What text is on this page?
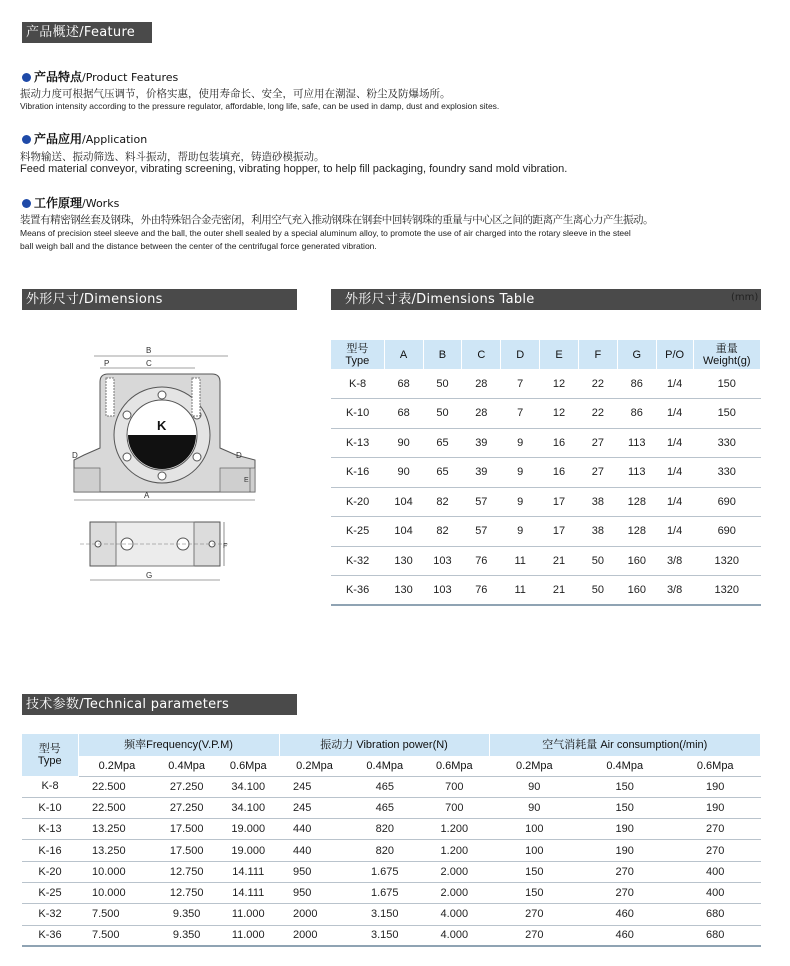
产品概述/Feature
产品特点/Product Features
振动力度可根据气压调节，价格实惠，使用寿命长、安全，可应用在潮湿、粉尘及防爆场所。
Vibration intensity according to the pressure regulator, affordable, long life, safe, can be used in damp, dust and explosion sites.
产品应用/Application
料物输送、振动筛选、料斗振动，帮助包装填充，铸造砂模振动。
Feed material conveyor, vibrating screening, vibrating hopper, to help fill packaging, foundry sand mold vibration.
工作原理/Works
装置有精密钢丝套及钢珠，外由特殊铝合金壳密闭，利用空气充入推动钢珠在钢套中回转钢珠的重量与中心区之间的距离产生离心力产生振动。
Means of precision steel sleeve and the ball, the outer shell sealed by a special aluminum alloy, to promote the use of air charged into the rotary sleeve in the steel
ball weigh ball and the distance between the center of the centrifugal force generated vibration.
外形尺寸/Dimensions	外形尺寸表/Dimensions Table	(mm)
K
B
P	C
A
D	D
E
F
G
型号
Type	A	B	C	D	E	F	G	P/O	重量
Weight(g)
K-8	68	50	28	7	12	22	86	1/4	150
K-10	68	50	28	7	12	22	86	1/4	150
K-13	90	65	39	9	16	27	113	1/4	330
K-16	90	65	39	9	16	27	113	1/4	330
K-20	104	82	57	9	17	38	128	1/4	690
K-25	104	82	57	9	17	38	128	1/4	690
K-32	130	103	76	11	21	50	160	3/8	1320
K-36	130	103	76	11	21	50	160	3/8	1320
技术参数/Technical parameters
型号
Type	频率Frequency(V.P.M)			振动力 Vibration power(N)			空气消耗量 Air consumption(/min)		
	0.2Mpa	0.4Mpa	0.6Mpa	0.2Mpa	0.4Mpa	0.6Mpa	0.2Mpa	0.4Mpa	0.6Mpa
K-8	22.500	27.250	34.100	245	465	700	90	150	190
K-10	22.500	27.250	34.100	245	465	700	90	150	190
K-13	13.250	17.500	19.000	440	820	1.200	100	190	270
K-16	13.250	17.500	19.000	440	820	1.200	100	190	270
K-20	10.000	12.750	14.111	950	1.675	2.000	150	270	400
K-25	10.000	12.750	14.111	950	1.675	2.000	150	270	400
K-32	7.500	9.350	11.000	2000	3.150	4.000	270	460	680
K-36	7.500	9.350	11.000	2000	3.150	4.000	270	460	680
